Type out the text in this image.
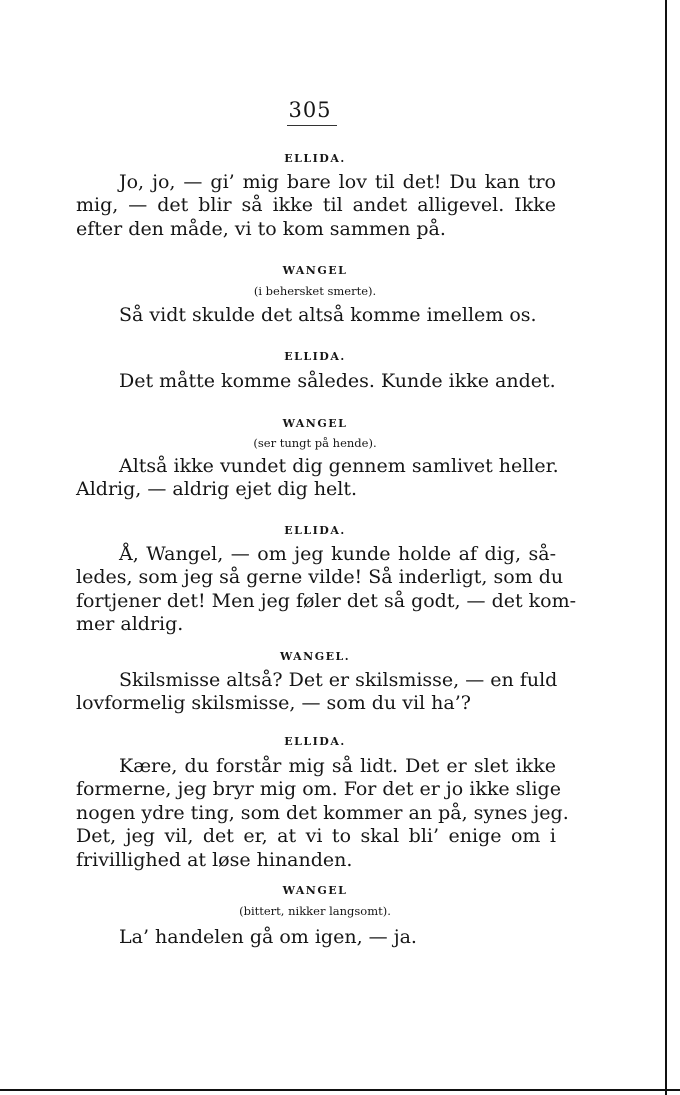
305
ELLIDA.
Jo, jo, — gi’ mig bare lov til det! Du kan tro
mig, — det blir så ikke til andet alligevel. Ikke
efter den måde, vi to kom sammen på.
WANGEL
(i behersket smerte).
Så vidt skulde det altså komme imellem os.
ELLIDA.
Det måtte komme således. Kunde ikke andet.
WANGEL
(ser tungt på hende).
Altså ikke vundet dig gennem samlivet heller.
Aldrig, — aldrig ejet dig helt.
ELLIDA.
Å, Wangel, — om jeg kunde holde af dig, så-
ledes, som jeg så gerne vilde! Så inderligt, som du
fortjener det! Men jeg føler det så godt, — det kom-
mer aldrig.
WANGEL.
Skilsmisse altså? Det er skilsmisse, — en fuld
lovformelig skilsmisse, — som du vil ha’?
ELLIDA.
Kære, du forstår mig så lidt. Det er slet ikke
formerne, jeg bryr mig om. For det er jo ikke slige
nogen ydre ting, som det kommer an på, synes jeg.
Det, jeg vil, det er, at vi to skal bli’ enige om i
frivillighed at løse hinanden.
WANGEL
(bittert, nikker langsomt).
La’ handelen gå om igen, — ja.
